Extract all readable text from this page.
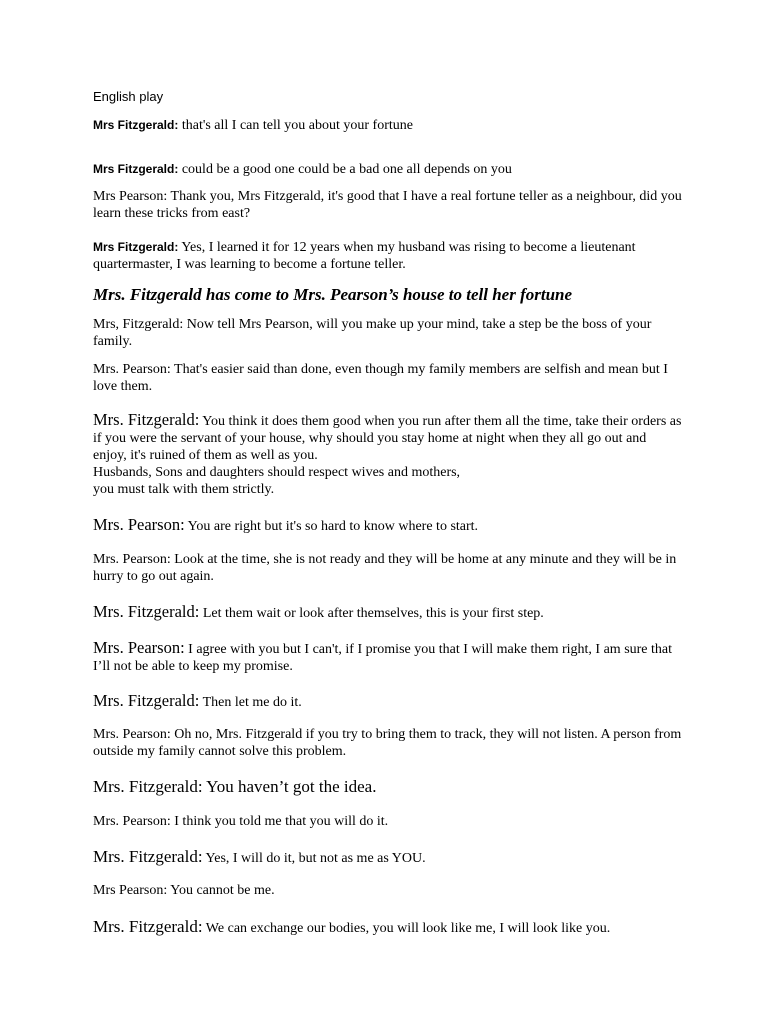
English play

Mrs Fitzgerald: that's all I can tell you about your fortune

Mrs Fitzgerald: could be a good one could be a bad one all depends on you

Mrs Pearson: Thank you, Mrs Fitzgerald, it's good that I have a real fortune teller as a neighbour, did you learn these tricks from east?

Mrs Fitzgerald: Yes, I learned it for 12 years when my husband was rising to become a lieutenant quartermaster, I was learning to become a fortune teller.

Mrs. Fitzgerald has come to Mrs. Pearson’s house to tell her fortune

Mrs, Fitzgerald: Now tell Mrs Pearson, will you make up your mind, take a step be the boss of your family.

Mrs. Pearson: That's easier said than done, even though my family members are selfish and mean but I love them.

Mrs. Fitzgerald: You think it does them good when you run after them all the time, take their orders as if you were the servant of your house, why should you stay home at night when they all go out and enjoy, it's ruined of them as well as you.
Husbands, Sons and daughters should respect wives and mothers,
you must talk with them strictly.

Mrs. Pearson: You are right but it's so hard to know where to start.

Mrs. Pearson: Look at the time, she is not ready and they will be home at any minute and they will be in hurry to go out again.

Mrs. Fitzgerald: Let them wait or look after themselves, this is your first step.

Mrs. Pearson: I agree with you but I can't, if I promise you that I will make them right, I am sure that I’ll not be able to keep my promise.

Mrs. Fitzgerald: Then let me do it.

Mrs. Pearson: Oh no, Mrs. Fitzgerald if you try to bring them to track, they will not listen. A person from outside my family cannot solve this problem.

Mrs. Fitzgerald: You haven’t got the idea.

Mrs. Pearson: I think you told me that you will do it.

Mrs. Fitzgerald: Yes, I will do it, but not as me as YOU.

Mrs Pearson: You cannot be me.

Mrs. Fitzgerald: We can exchange our bodies, you will look like me, I will look like you.
